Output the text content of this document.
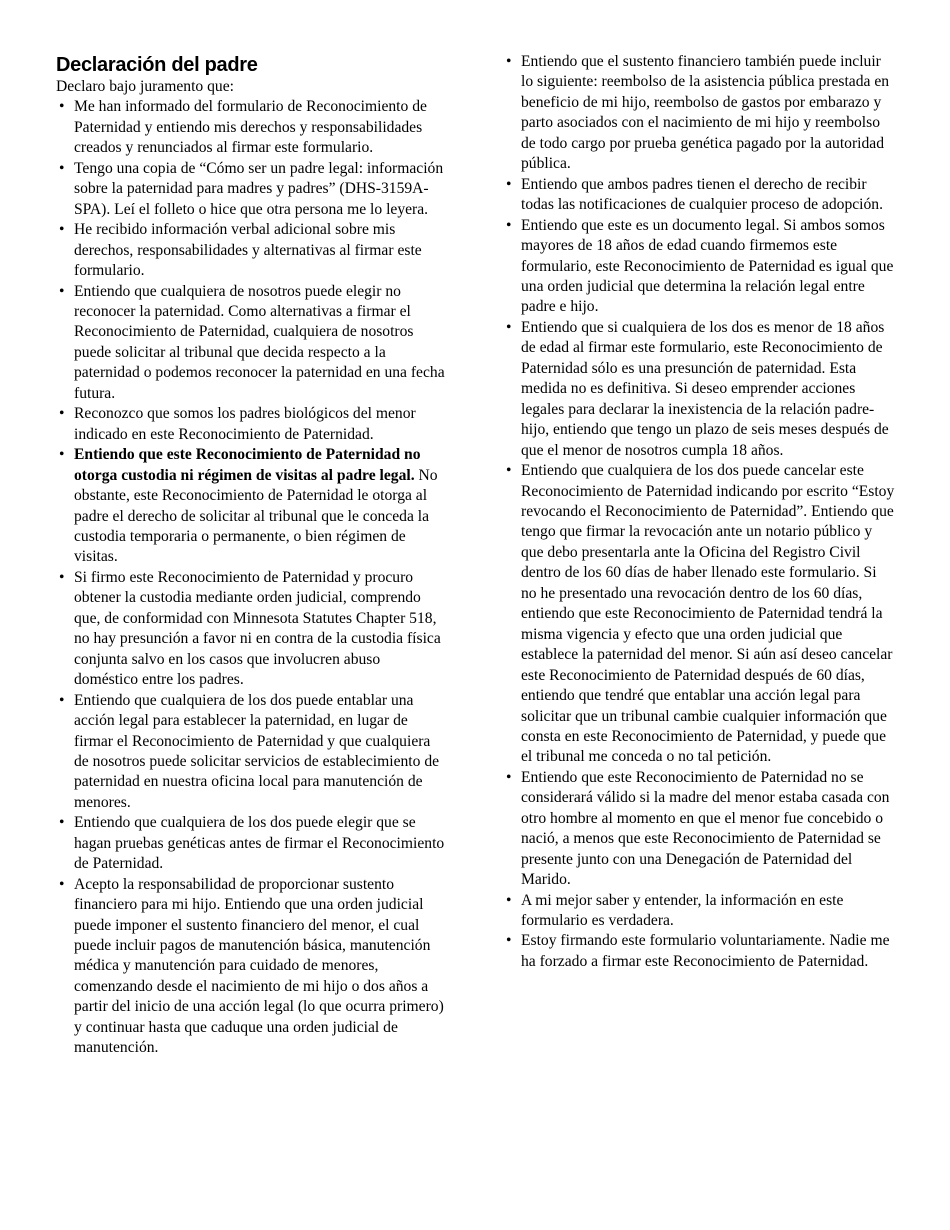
Declaración del padre

Declaro bajo juramento que:

• Me han informado del formulario de Reconocimiento de Paternidad y entiendo mis derechos y responsabilidades creados y renunciados al firmar este formulario.
• Tengo una copia de “Cómo ser un padre legal: información sobre la paternidad para madres y padres” (DHS-3159A-SPA). Leí el folleto o hice que otra persona me lo leyera.
• He recibido información verbal adicional sobre mis derechos, responsabilidades y alternativas al firmar este formulario.
• Entiendo que cualquiera de nosotros puede elegir no reconocer la paternidad. Como alternativas a firmar el Reconocimiento de Paternidad, cualquiera de nosotros puede solicitar al tribunal que decida respecto a la paternidad o podemos reconocer la paternidad en una fecha futura.
• Reconozco que somos los padres biológicos del menor indicado en este Reconocimiento de Paternidad.
• Entiendo que este Reconocimiento de Paternidad no otorga custodia ni régimen de visitas al padre legal. No obstante, este Reconocimiento de Paternidad le otorga al padre el derecho de solicitar al tribunal que le conceda la custodia temporaria o permanente, o bien régimen de visitas.
• Si firmo este Reconocimiento de Paternidad y procuro obtener la custodia mediante orden judicial, comprendo que, de conformidad con Minnesota Statutes Chapter 518, no hay presunción a favor ni en contra de la custodia física conjunta salvo en los casos que involucren abuso doméstico entre los padres.
• Entiendo que cualquiera de los dos puede entablar una acción legal para establecer la paternidad, en lugar de firmar el Reconocimiento de Paternidad y que cualquiera de nosotros puede solicitar servicios de establecimiento de paternidad en nuestra oficina local para manutención de menores.
• Entiendo que cualquiera de los dos puede elegir que se hagan pruebas genéticas antes de firmar el Reconocimiento de Paternidad.
• Acepto la responsabilidad de proporcionar sustento financiero para mi hijo. Entiendo que una orden judicial puede imponer el sustento financiero del menor, el cual puede incluir pagos de manutención básica, manutención médica y manutención para cuidado de menores, comenzando desde el nacimiento de mi hijo o dos años a partir del inicio de una acción legal (lo que ocurra primero) y continuar hasta que caduque una orden judicial de manutención.
• Entiendo que el sustento financiero también puede incluir lo siguiente: reembolso de la asistencia pública prestada en beneficio de mi hijo, reembolso de gastos por embarazo y parto asociados con el nacimiento de mi hijo y reembolso de todo cargo por prueba genética pagado por la autoridad pública.
• Entiendo que ambos padres tienen el derecho de recibir todas las notificaciones de cualquier proceso de adopción.
• Entiendo que este es un documento legal. Si ambos somos mayores de 18 años de edad cuando firmemos este formulario, este Reconocimiento de Paternidad es igual que una orden judicial que determina la relación legal entre padre e hijo.
• Entiendo que si cualquiera de los dos es menor de 18 años de edad al firmar este formulario, este Reconocimiento de Paternidad sólo es una presunción de paternidad. Esta medida no es definitiva. Si deseo emprender acciones legales para declarar la inexistencia de la relación padre-hijo, entiendo que tengo un plazo de seis meses después de que el menor de nosotros cumpla 18 años.
• Entiendo que cualquiera de los dos puede cancelar este Reconocimiento de Paternidad indicando por escrito “Estoy revocando el Reconocimiento de Paternidad”. Entiendo que tengo que firmar la revocación ante un notario público y que debo presentarla ante la Oficina del Registro Civil dentro de los 60 días de haber llenado este formulario. Si no he presentado una revocación dentro de los 60 días, entiendo que este Reconocimiento de Paternidad tendrá la misma vigencia y efecto que una orden judicial que establece la paternidad del menor. Si aún así deseo cancelar este Reconocimiento de Paternidad después de 60 días, entiendo que tendré que entablar una acción legal para solicitar que un tribunal cambie cualquier información que consta en este Reconocimiento de Paternidad, y puede que el tribunal me conceda o no tal petición.
• Entiendo que este Reconocimiento de Paternidad no se considerará válido si la madre del menor estaba casada con otro hombre al momento en que el menor fue concebido o nació, a menos que este Reconocimiento de Paternidad se presente junto con una Denegación de Paternidad del Marido.
• A mi mejor saber y entender, la información en este formulario es verdadera.
• Estoy firmando este formulario voluntariamente. Nadie me ha forzado a firmar este Reconocimiento de Paternidad.
